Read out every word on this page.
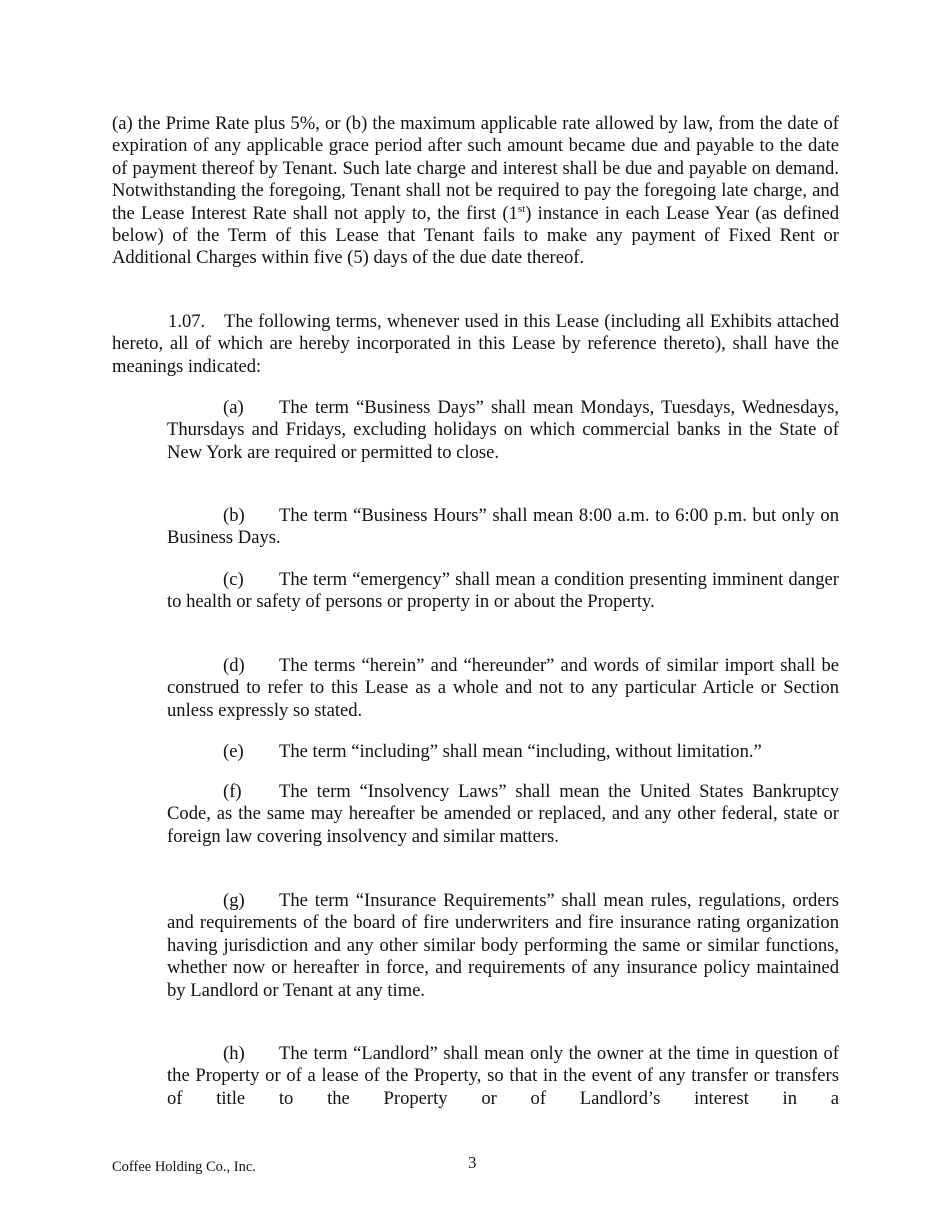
(a) the Prime Rate plus 5%, or (b) the maximum applicable rate allowed by law, from the date of expiration of any applicable grace period after such amount became due and payable to the date of payment thereof by Tenant. Such late charge and interest shall be due and payable on demand. Notwithstanding the foregoing, Tenant shall not be required to pay the foregoing late charge, and the Lease Interest Rate shall not apply to, the first (1st) instance in each Lease Year (as defined below) of the Term of this Lease that Tenant fails to make any payment of Fixed Rent or Additional Charges within five (5) days of the due date thereof.

1.07. The following terms, whenever used in this Lease (including all Exhibits attached hereto, all of which are hereby incorporated in this Lease by reference thereto), shall have the meanings indicated:

(a) The term “Business Days” shall mean Mondays, Tuesdays, Wednesdays, Thursdays and Fridays, excluding holidays on which commercial banks in the State of New York are required or permitted to close.

(b) The term “Business Hours” shall mean 8:00 a.m. to 6:00 p.m. but only on Business Days.

(c) The term “emergency” shall mean a condition presenting imminent danger to health or safety of persons or property in or about the Property.

(d) The terms “herein” and “hereunder” and words of similar import shall be construed to refer to this Lease as a whole and not to any particular Article or Section unless expressly so stated.

(e) The term “including” shall mean “including, without limitation.”

(f) The term “Insolvency Laws” shall mean the United States Bankruptcy Code, as the same may hereafter be amended or replaced, and any other federal, state or foreign law covering insolvency and similar matters.

(g) The term “Insurance Requirements” shall mean rules, regulations, orders and requirements of the board of fire underwriters and fire insurance rating organization having jurisdiction and any other similar body performing the same or similar functions, whether now or hereafter in force, and requirements of any insurance policy maintained by Landlord or Tenant at any time.

(h) The term “Landlord” shall mean only the owner at the time in question of the Property or of a lease of the Property, so that in the event of any transfer or transfers of title to the Property or of Landlord’s interest in a

Coffee Holding Co., Inc.	3
